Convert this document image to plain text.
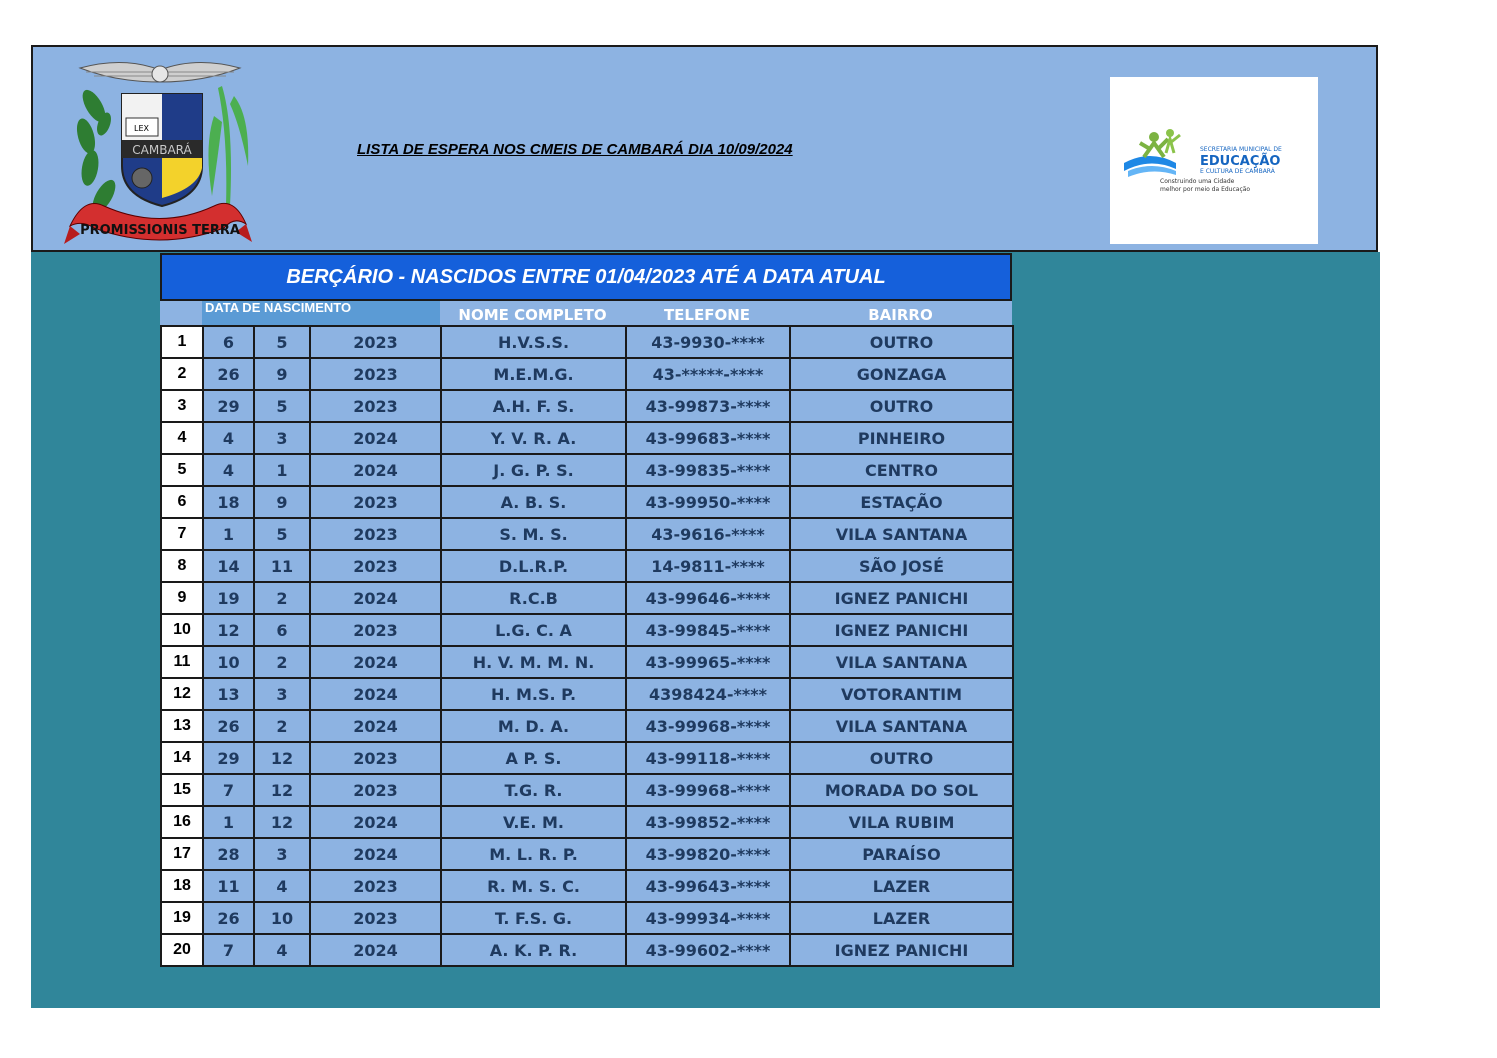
LEX
CAMBARÁ
PROMISSIONIS TERRA
LISTA DE ESPERA NOS CMEIS DE CAMBARÁ DIA 10/09/2024	SECRETARIA MUNICIPAL DE
EDUCAÇÃO
E CULTURA DE CAMBARÁ
Construindo uma Cidade
melhor por meio da Educação
BERÇÁRIO - NASCIDOS ENTRE 01/04/2023 ATÉ A DATA ATUAL
DATA DE NASCIMENTO	NOME COMPLETO	TELEFONE	BAIRRO
1	6	5	2023	H.V.S.S.	43-9930-****	OUTRO
2	26	9	2023	M.E.M.G.	43-*****-****	GONZAGA
3	29	5	2023	A.H. F. S.	43-99873-****	OUTRO
4	4	3	2024	Y. V. R. A.	43-99683-****	PINHEIRO
5	4	1	2024	J. G. P. S.	43-99835-****	CENTRO
6	18	9	2023	A. B. S.	43-99950-****	ESTAÇÃO
7	1	5	2023	S. M. S.	43-9616-****	VILA SANTANA
8	14	11	2023	D.L.R.P.	14-9811-****	SÃO JOSÉ
9	19	2	2024	R.C.B	43-99646-****	IGNEZ PANICHI
10	12	6	2023	L.G. C. A	43-99845-****	IGNEZ PANICHI
11	10	2	2024	H. V. M. M. N.	43-99965-****	VILA SANTANA
12	13	3	2024	H. M.S. P.	4398424-****	VOTORANTIM
13	26	2	2024	M. D. A.	43-99968-****	VILA SANTANA
14	29	12	2023	A P. S.	43-99118-****	OUTRO
15	7	12	2023	T.G. R.	43-99968-****	MORADA DO SOL
16	1	12	2024	V.E. M.	43-99852-****	VILA RUBIM
17	28	3	2024	M. L. R. P.	43-99820-****	PARAÍSO
18	11	4	2023	R. M. S. C.	43-99643-****	LAZER
19	26	10	2023	T. F.S. G.	43-99934-****	LAZER
20	7	4	2024	A. K. P. R.	43-99602-****	IGNEZ PANICHI
